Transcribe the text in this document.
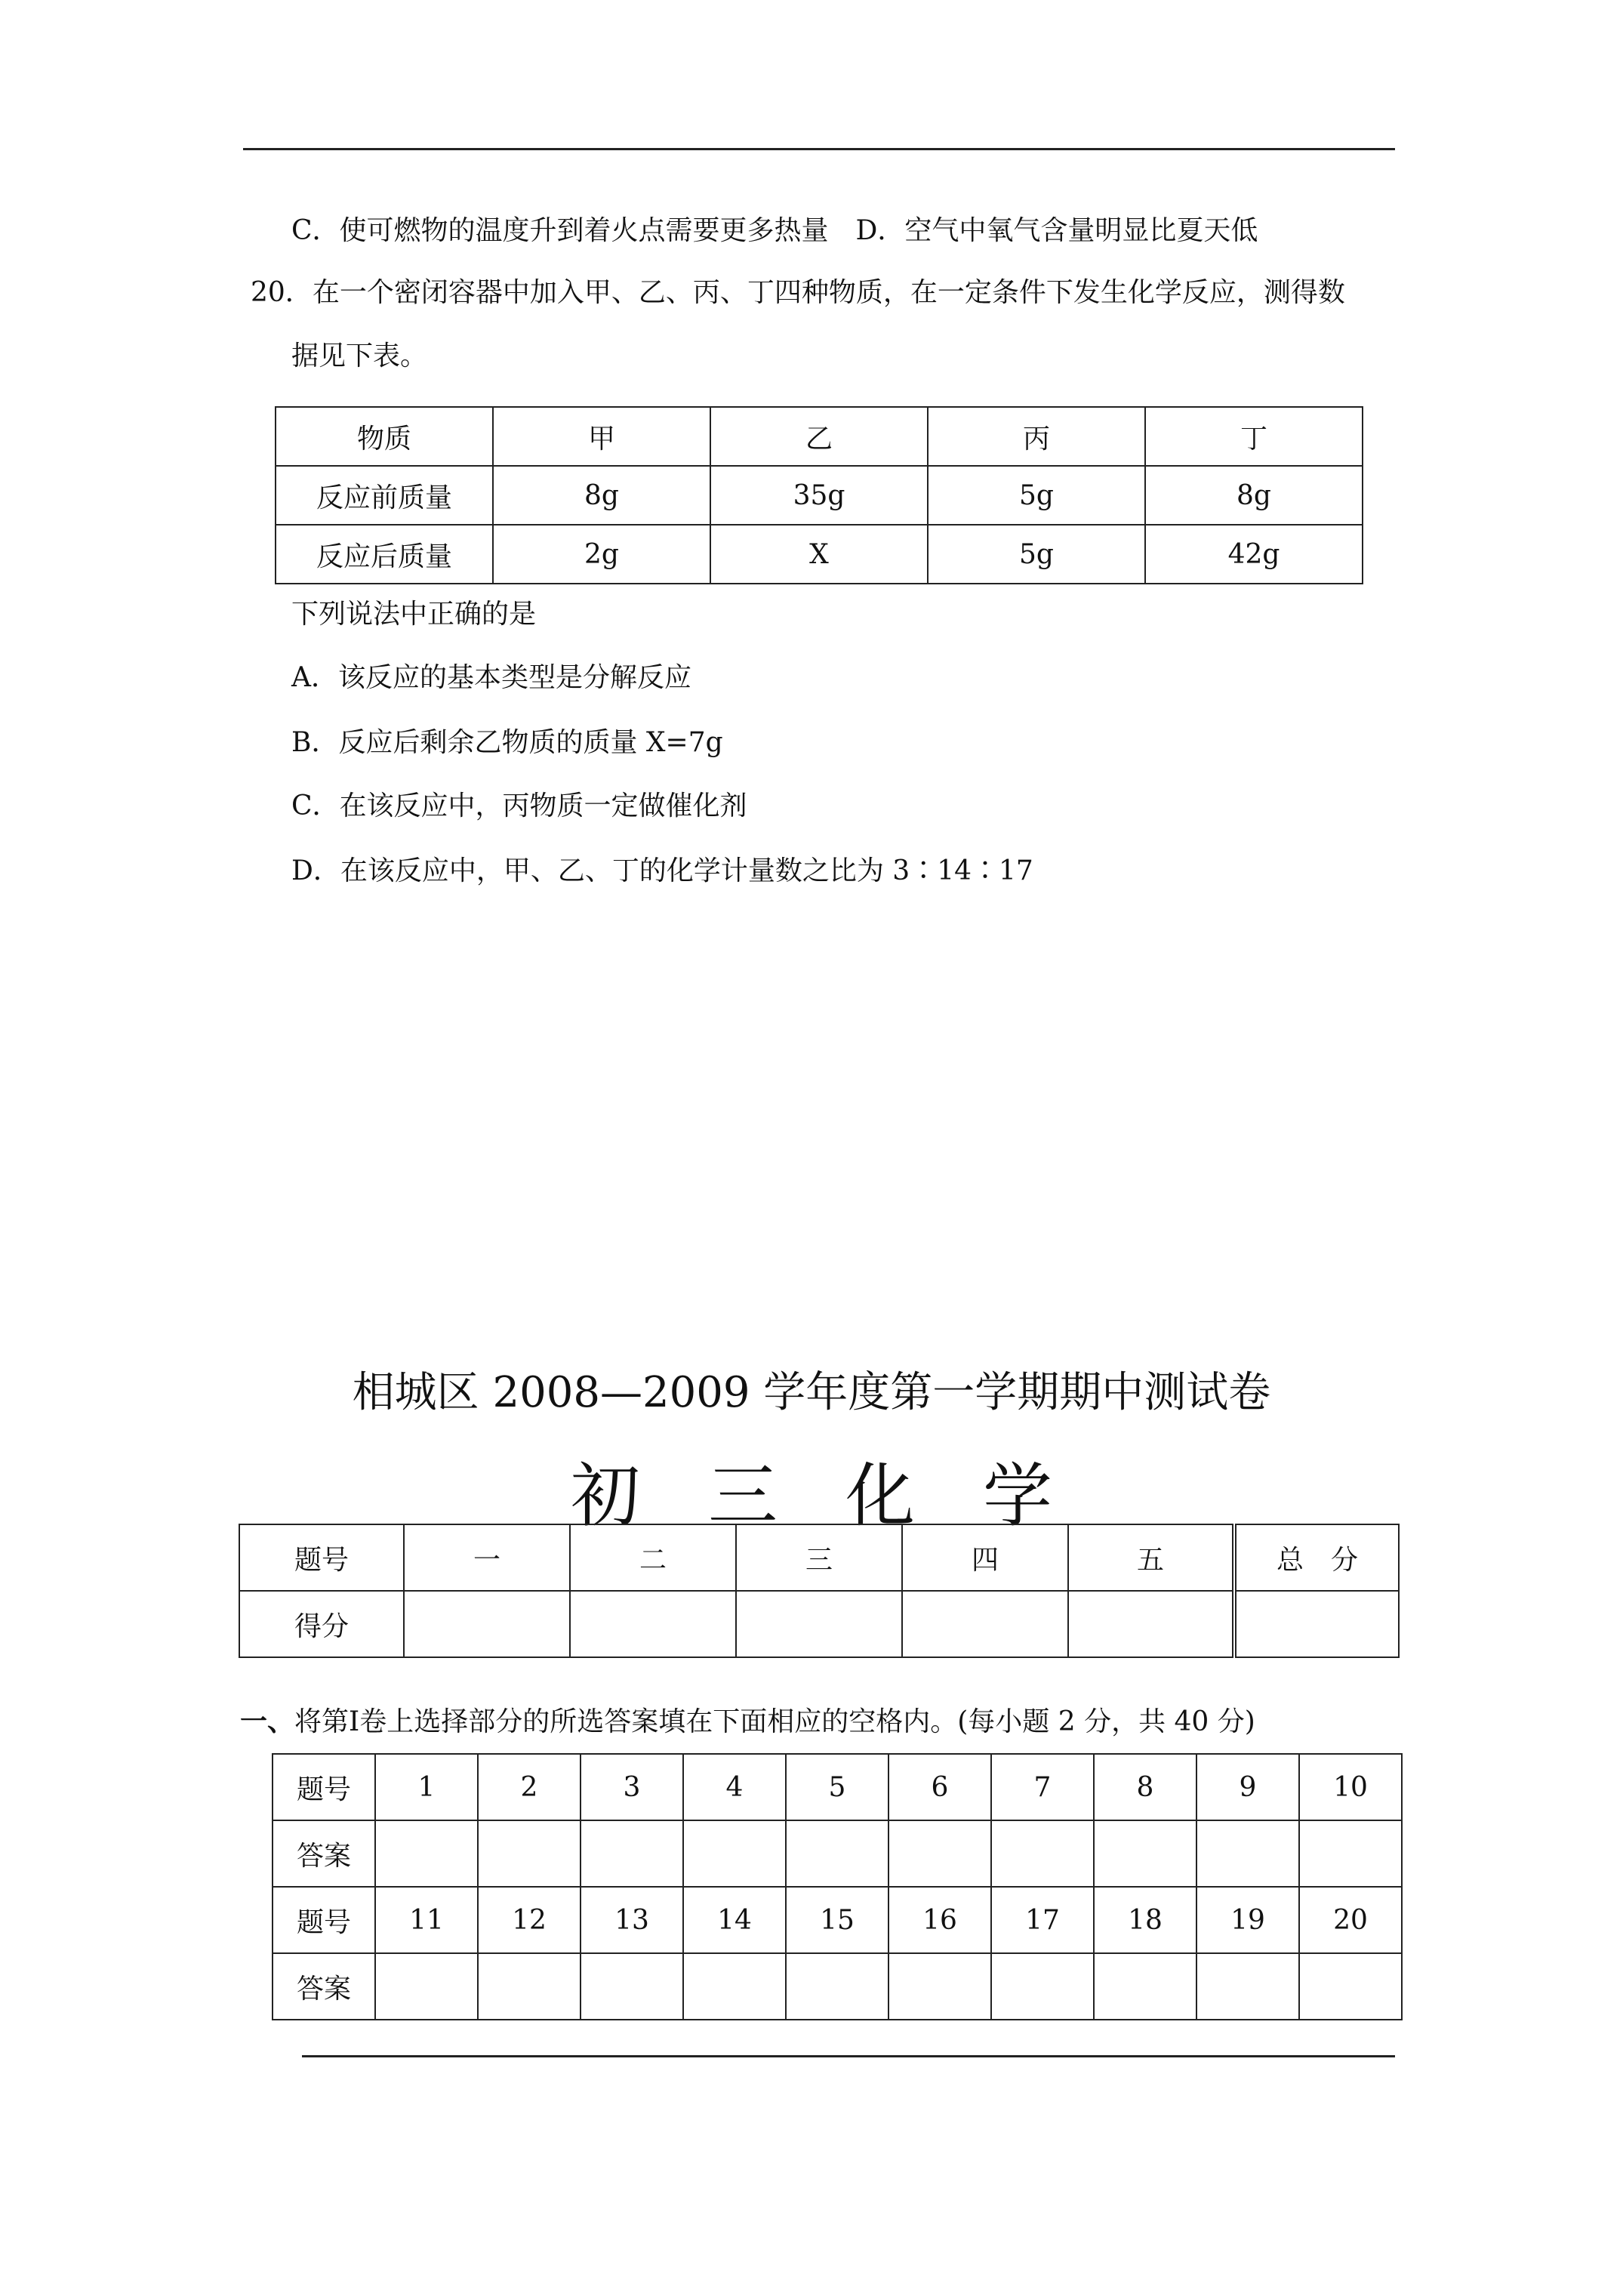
C．使可燃物的温度升到着火点需要更多热量　D．空气中氧气含量明显比夏天低
20．在一个密闭容器中加入甲、乙、丙、丁四种物质，在一定条件下发生化学反应，测得数
据见下表。
物质	甲	乙	丙	丁
反应前质量	8g	35g	5g	8g
反应后质量	2g	X	5g	42g
下列说法中正确的是
A．该反应的基本类型是分解反应
B．反应后剩余乙物质的质量 X=7g
C．在该反应中，丙物质一定做催化剂
D．在该反应中，甲、乙、丁的化学计量数之比为 3∶14∶17
相城区 2008—2009 学年度第一学期期中测试卷
初三化学
题号	一	二	三	四	五	总　分
得分						
一、将第Ⅰ卷上选择部分的所选答案填在下面相应的空格内。(每小题 2 分，共 40 分)
题号	1	2	3	4	5	6	7	8	9	10
答案										
题号	11	12	13	14	15	16	17	18	19	20
答案										
